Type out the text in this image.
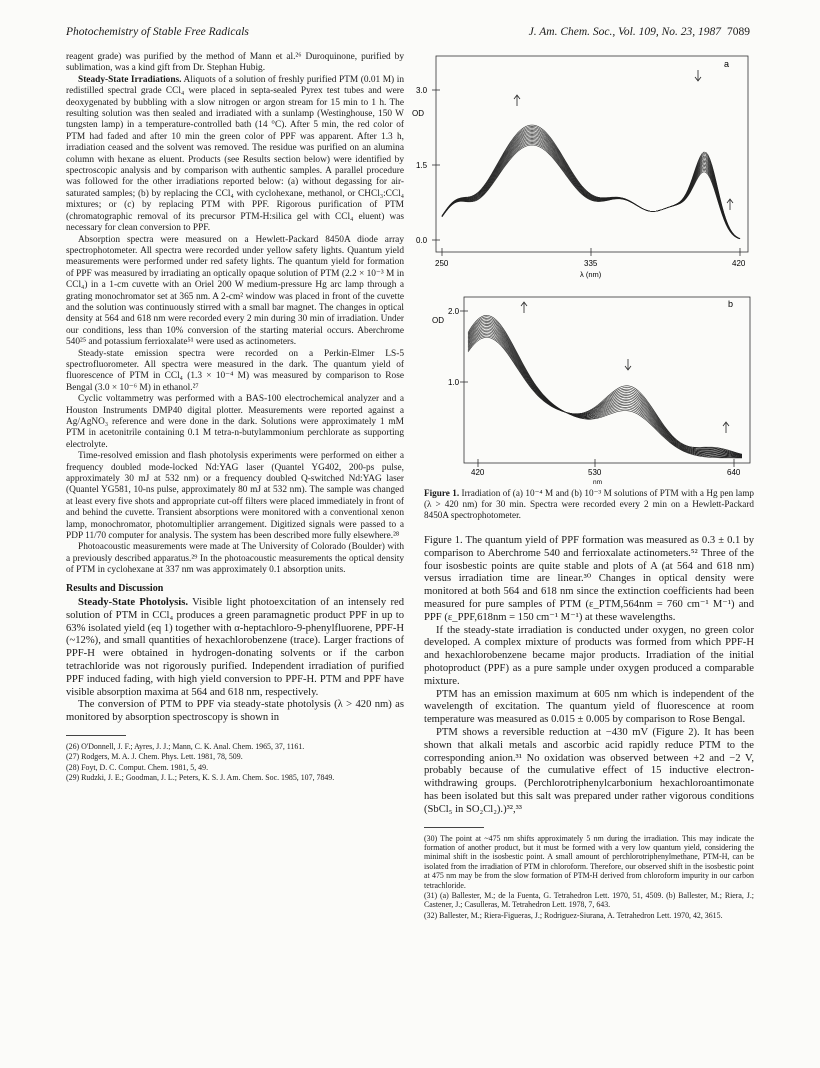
Photochemistry of Stable Free Radicals	J. Am. Chem. Soc., Vol. 109, No. 23, 1987 7089

reagent grade) was purified by the method of Mann et al.²⁶ Duroquinone, purified by sublimation, was a kind gift from Dr. Stephan Hubig.

Steady-State Irradiations. Aliquots of a solution of freshly purified PTM (0.01 M) in redistilled spectral grade CCl₄ were placed in septa-sealed Pyrex test tubes and were deoxygenated by bubbling with a slow nitrogen or argon stream for 15 min to 1 h. The resulting solution was then sealed and irradiated with a sunlamp (Westinghouse, 150 W tungsten lamp) in a temperature-controlled bath (14 °C). After 5 min, the red color of PTM had faded and after 10 min the green color of PPF was apparent. After 1.3 h, irradiation ceased and the solvent was removed. The residue was purified on an alumina column with hexane as eluent. Products (see Results section below) were identified by spectroscopic analysis and by comparison with authentic samples. A parallel procedure was followed for the other irradiations reported below: (a) without degassing for air-saturated samples; (b) by replacing the CCl₄ with cyclohexane, methanol, or CHCl₃:CCl₄ mixtures; or (c) by replacing PTM with PPF. Rigorous purification of PTM (chromatographic removal of its precursor PTM-H:silica gel with CCl₄ eluent) was necessary for clean conversion to PPF.

Absorption spectra were measured on a Hewlett-Packard 8450A diode array spectrophotometer. All spectra were recorded under yellow safety lights. Quantum yield measurements were performed under red safety lights. The quantum yield for formation of PPF was measured by irradiating an optically opaque solution of PTM (2.2 × 10⁻³ M in CCl₄) in a 1-cm cuvette with an Oriel 200 W medium-pressure Hg arc lamp through a grating monochromator set at 365 nm. A 2-cm² window was placed in front of the cuvette and the solution was continuously stirred with a small bar magnet. The changes in optical density at 564 and 618 nm were recorded every 2 min during 30 min of irradiation. Under our conditions, less than 10% conversion of the starting material occurs. Aberchrome 540²⁵ and potassium ferrioxalate⁵¹ were used as actinometers.

Steady-state emission spectra were recorded on a Perkin-Elmer LS-5 spectrofluorometer. All spectra were measured in the dark. The quantum yield of fluorescence of PTM in CCl₄ (1.3 × 10⁻⁴ M) was measured by comparison to Rose Bengal (3.0 × 10⁻⁶ M) in ethanol.²⁷

Cyclic voltammetry was performed with a BAS-100 electrochemical analyzer and a Houston Instruments DMP40 digital plotter. Measurements were reported against a Ag/AgNO₃ reference and were done in the dark. Solutions were approximately 1 mM PTM in acetonitrile containing 0.1 M tetra-n-butylammonium perchlorate as supporting electrolyte.

Time-resolved emission and flash photolysis experiments were performed on either a frequency doubled mode-locked Nd:YAG laser (Quantel YG402, 200-ps pulse, approximately 30 mJ at 532 nm) or a frequency doubled Q-switched Nd:YAG laser (Quantel YG581, 10-ns pulse, approximately 80 mJ at 532 nm). The sample was changed at least every five shots and appropriate cut-off filters were placed immediately in front of and behind the cuvette. Transient absorptions were monitored with a conventional xenon lamp, monochromator, photomultiplier arrangement. Digitized signals were passed to a PDP 11/70 computer for analysis. The system has been described more fully elsewhere.²⁸

Photoacoustic measurements were made at The University of Colorado (Boulder) with a previously described apparatus.²⁹ In the photoacoustic measurements the optical density of PTM in cyclohexane at 337 nm was approximately 0.1 absorption units.

Results and Discussion

Steady-State Photolysis. Visible light photoexcitation of an intensely red solution of PTM in CCl₄ produces a green paramagnetic product PPF in up to 63% isolated yield (eq 1) together with α-heptachloro-9-phenylfluorene, PPF-H (~12%), and small quantities of hexachlorobenzene (trace). Larger fractions of PPF-H were obtained in hydrogen-donating solvents or if the carbon tetrachloride was not rigorously purified. Independent irradiation of purified PPF induced fading, with high yield conversion to PPF-H. PTM and PPF have visible absorption maxima at 564 and 618 nm, respectively.

The conversion of PTM to PPF via steady-state photolysis (λ > 420 nm) as monitored by absorption spectroscopy is shown in

(26) O'Donnell, J. F.; Ayres, J. J.; Mann, C. K. Anal. Chem. 1965, 37, 1161.

(27) Rodgers, M. A. J. Chem. Phys. Lett. 1981, 78, 509.

(28) Foyt, D. C. Comput. Chem. 1981, 5, 49.

(29) Rudzki, J. E.; Goodman, J. L.; Peters, K. S. J. Am. Chem. Soc. 1985, 107, 7849.

a
OD
3.0
1.5
0.0
250	335	420
λ (nm)
b
OD
2.0
1.0
420	530	640
nm

Figure 1. Irradiation of (a) 10⁻⁴ M and (b) 10⁻³ M solutions of PTM with a Hg pen lamp (λ > 420 nm) for 30 min. Spectra were recorded every 2 min on a Hewlett-Packard 8450A spectrophotometer.

Figure 1. The quantum yield of PPF formation was measured as 0.3 ± 0.1 by comparison to Aberchrome 540 and ferrioxalate actinometers.⁵² Three of the four isosbestic points are quite stable and plots of A (at 564 and 618 nm) versus irradiation time are linear.³⁰ Changes in optical density were monitored at both 564 and 618 nm since the extinction coefficients had been measured for pure samples of PTM (ε_PTM,564nm = 760 cm⁻¹ M⁻¹) and PPF (ε_PPF,618nm = 150 cm⁻¹ M⁻¹) at these wavelengths.

If the steady-state irradiation is conducted under oxygen, no green color developed. A complex mixture of products was formed from which PPF-H and hexachlorobenzene became major products. Irradiation of the initial photoproduct (PPF) as a pure sample under oxygen produced a comparable mixture.

PTM has an emission maximum at 605 nm which is independent of the wavelength of excitation. The quantum yield of fluorescence at room temperature was measured as 0.015 ± 0.005 by comparison to Rose Bengal.

PTM shows a reversible reduction at −430 mV (Figure 2). It has been shown that alkali metals and ascorbic acid rapidly reduce PTM to the corresponding anion.³¹ No oxidation was observed between +2 and −2 V, probably because of the cumulative effect of 15 inductive electron-withdrawing groups. (Perchlorotriphenylcarbonium hexachloroantimonate has been isolated but this salt was prepared under rather vigorous conditions (SbCl₅ in SO₂Cl₂).)³²,³³

(30) The point at ~475 nm shifts approximately 5 nm during the irradiation. This may indicate the formation of another product, but it must be formed with a very low quantum yield, considering the minimal shift in the isosbestic point. A small amount of perchlorotriphenylmethane, PTM-H, can be isolated from the irradiation of PTM in chloroform. Therefore, our observed shift in the isosbestic point at 475 nm may be from the slow formation of PTM-H derived from chloroform impurity in our carbon tetrachloride.

(31) (a) Ballester, M.; de la Fuenta, G. Tetrahedron Lett. 1970, 51, 4509. (b) Ballester, M.; Riera, J.; Castener, J.; Casulleras, M. Tetrahedron Lett. 1978, 7, 643.

(32) Ballester, M.; Riera-Figueras, J.; Rodriguez-Siurana, A. Tetrahedron Lett. 1970, 42, 3615.
